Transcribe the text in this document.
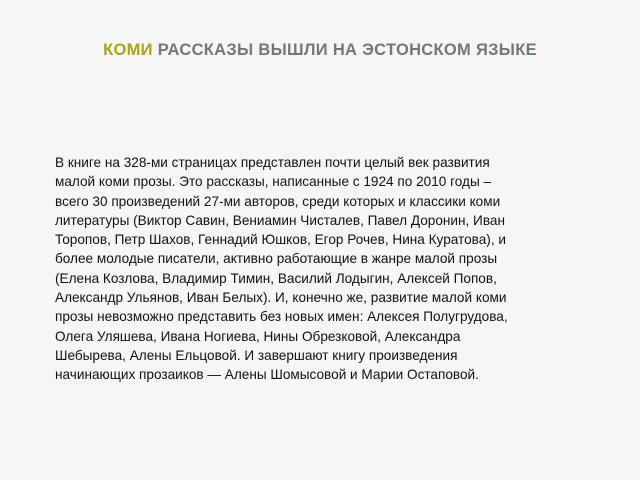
КОМИ РАССКАЗЫ ВЫШЛИ НА ЭСТОНСКОМ ЯЗЫКЕ
В книге на 328-ми страницах представлен почти целый век развития
малой коми прозы. Это рассказы, написанные с 1924 по 2010 годы –
всего 30 произведений 27-ми авторов, среди которых и классики коми
литературы (Виктор Савин, Вениамин Чисталев, Павел Доронин, Иван
Торопов, Петр Шахов, Геннадий Юшков, Егор Рочев, Нина Куратова), и
более молодые писатели, активно работающие в жанре малой прозы
(Елена Козлова, Владимир Тимин, Василий Лодыгин, Алексей Попов,
Александр Ульянов, Иван Белых). И, конечно же, развитие малой коми
прозы невозможно представить без новых имен: Алексея Полугрудова,
Олега Уляшева, Ивана Ногиева, Нины Обрезковой, Александра
Шебырева, Алены Ельцовой. И завершают книгу произведения
начинающих прозаиков — Алены Шомысовой и Марии Остаповой.
